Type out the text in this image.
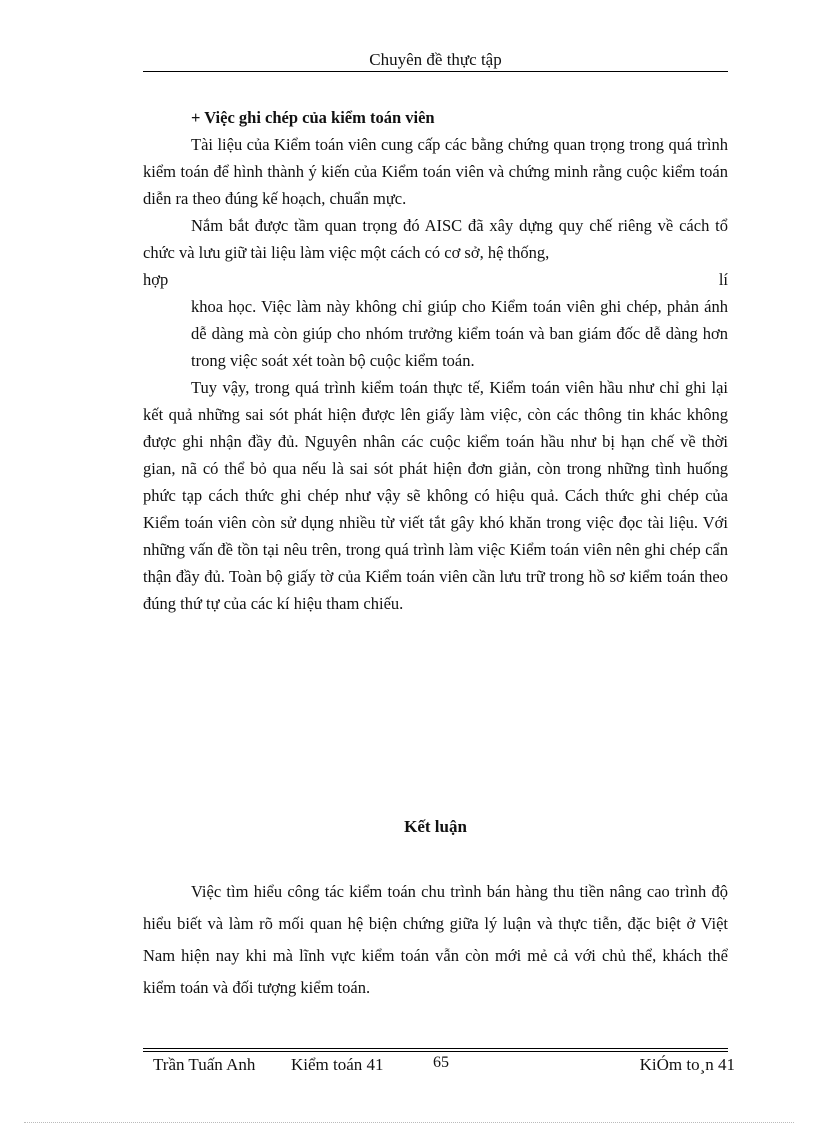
Chuyên đề thực tập
+ Việc ghi chép của kiểm toán viên

Tài liệu của Kiểm toán viên cung cấp các bằng chứng quan trọng trong quá trình kiểm toán để hình thành ý kiến của Kiểm toán viên và chứng minh rằng cuộc kiểm toán diễn ra theo đúng kế hoạch, chuẩn mực.

Nắm bắt được tầm quan trọng đó AISC đã xây dựng quy chế riêng về cách tổ chức và lưu giữ tài liệu làm việc một cách có cơ sở, hệ thống,

hợp	lí

khoa học. Việc làm này không chỉ giúp cho Kiểm toán viên ghi chép, phản ánh dễ dàng mà còn giúp cho nhóm trưởng kiểm toán và ban giám đốc dễ dàng hơn trong việc soát xét toàn bộ cuộc kiểm toán.

Tuy vậy, trong quá trình kiểm toán thực tế, Kiểm toán viên hầu như chỉ ghi lại kết quả những sai sót phát hiện được lên giấy làm việc, còn các thông tin khác không được ghi nhận đầy đủ. Nguyên nhân các cuộc kiểm toán hầu như bị hạn chế về thời gian, nã có thể bỏ qua nếu là sai sót phát hiện đơn giản, còn trong những tình huống phức tạp cách thức ghi chép như vậy sẽ không có hiệu quả. Cách thức ghi chép của Kiểm toán viên còn sử dụng nhiều từ viết tắt gây khó khăn trong việc đọc tài liệu. Với những vấn đề tồn tại nêu trên, trong quá trình làm việc Kiểm toán viên nên ghi chép cẩn thận đầy đủ. Toàn bộ giấy tờ của Kiểm toán viên cần lưu trữ trong hồ sơ kiểm toán theo đúng thứ tự của các kí hiệu tham chiếu.

Kết luận

Việc tìm hiểu công tác kiểm toán chu trình bán hàng thu tiền nâng cao trình độ hiểu biết và làm rõ mối quan hệ biện chứng giữa lý luận và thực tiễn, đặc biệt ở Việt Nam hiện nay khi mà lĩnh vực kiểm toán vẫn còn mới mẻ cả với chủ thể, khách thể kiểm toán và đối tượng kiểm toán.

Trần Tuấn Anh Kiểm toán 41	65	KiÓm to¸n 41
